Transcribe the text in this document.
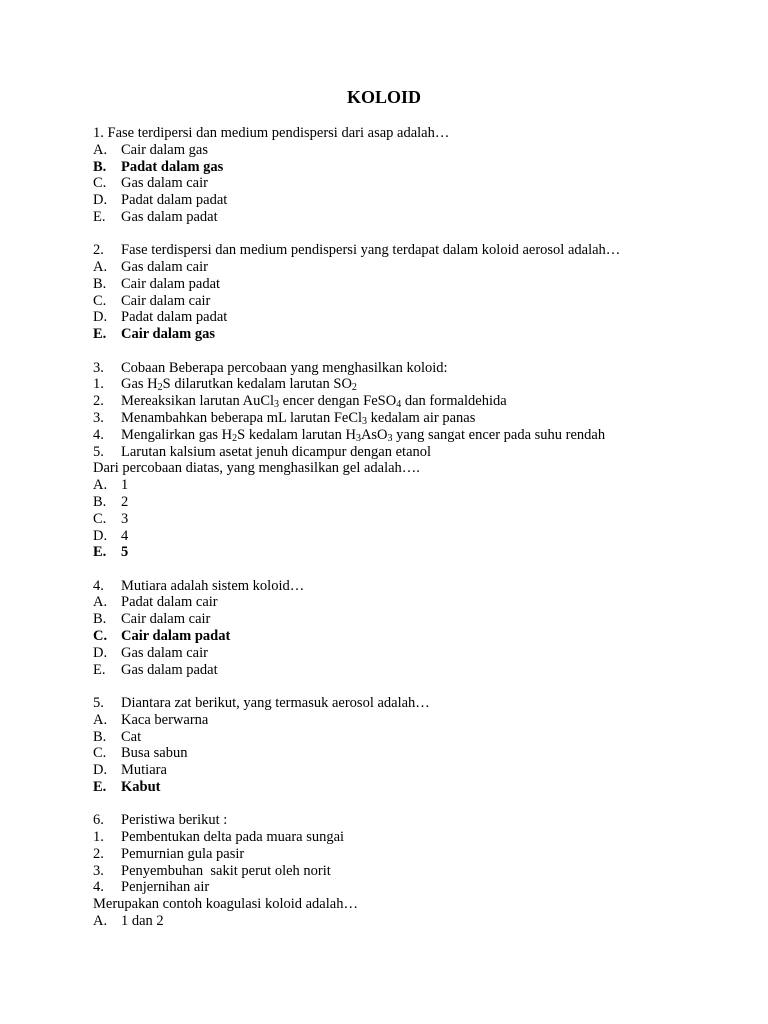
KOLOID
1. Fase terdipersi dan medium pendispersi dari asap adalah…
A. Cair dalam gas
B. Padat dalam gas
C. Gas dalam cair
D. Padat dalam padat
E. Gas dalam padat
2. Fase terdispersi dan medium pendispersi yang terdapat dalam koloid aerosol adalah…
A. Gas dalam cair
B. Cair dalam padat
C. Cair dalam cair
D. Padat dalam padat
E. Cair dalam gas
3. Cobaan Beberapa percobaan yang menghasilkan koloid:
1. Gas $H_2S$ dilarutkan kedalam larutan $SO_2$
2. Mereaksikan larutan AuCl$_3$ encer dengan FeSO$_4$ dan formaldehida
3. Menambahkan beberapa mL larutan FeCl$_3$ kedalam air panas
4. Mengalirkan gas $H_2S$ kedalam larutan $H_3AsO_3$ yang sangat encer pada suhu rendah
5. Larutan kalsium asetat jenuh dicampur dengan etanol
Dari percobaan diatas, yang menghasilkan gel adalah….
A. 1
B. 2
C. 3
D. 4
E. 5
4. Mutiara adalah sistem koloid…
A. Padat dalam cair
B. Cair dalam cair
C. Cair dalam padat
D. Gas dalam cair
E. Gas dalam padat
5. Diantara zat berikut, yang termasuk aerosol adalah…
A. Kaca berwarna
B. Cat
C. Busa sabun
D. Mutiara
E. Kabut
6. Peristiwa berikut :
1. Pembentukan delta pada muara sungai
2. Pemurnian gula pasir
3. Penyembuhan  sakit perut oleh norit
4. Penjernihan air
Merupakan contoh koagulasi koloid adalah…
A. 1 dan 2
